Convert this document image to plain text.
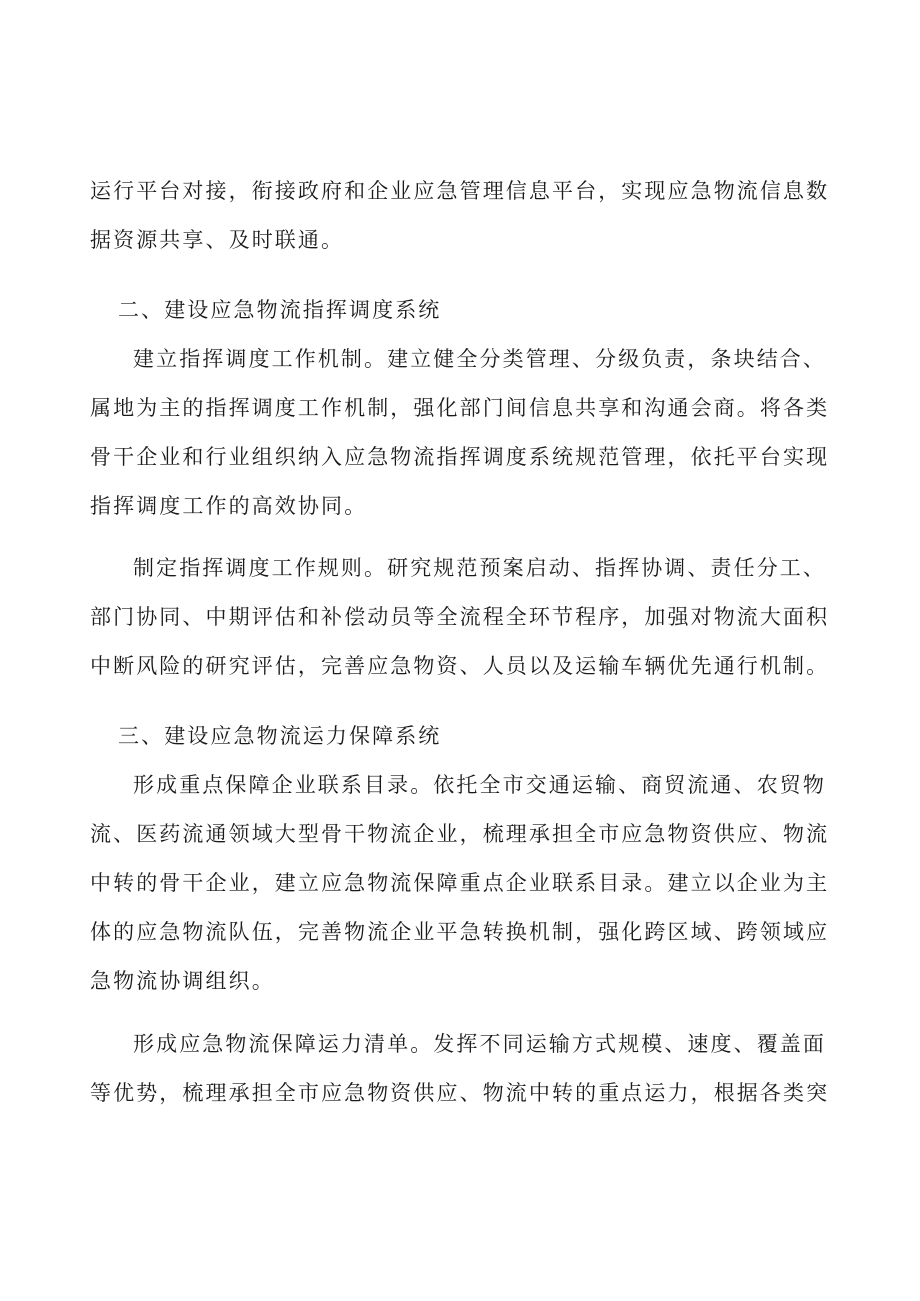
运行平台对接，衔接政府和企业应急管理信息平台，实现应急物流信息数
据资源共享、及时联通。
二、建设应急物流指挥调度系统
建立指挥调度工作机制。建立健全分类管理、分级负责，条块结合、
属地为主的指挥调度工作机制，强化部门间信息共享和沟通会商。将各类
骨干企业和行业组织纳入应急物流指挥调度系统规范管理，依托平台实现
指挥调度工作的高效协同。
制定指挥调度工作规则。研究规范预案启动、指挥协调、责任分工、
部门协同、中期评估和补偿动员等全流程全环节程序，加强对物流大面积
中断风险的研究评估，完善应急物资、人员以及运输车辆优先通行机制。
三、建设应急物流运力保障系统
形成重点保障企业联系目录。依托全市交通运输、商贸流通、农贸物
流、医药流通领域大型骨干物流企业，梳理承担全市应急物资供应、物流
中转的骨干企业，建立应急物流保障重点企业联系目录。建立以企业为主
体的应急物流队伍，完善物流企业平急转换机制，强化跨区域、跨领域应
急物流协调组织。
形成应急物流保障运力清单。发挥不同运输方式规模、速度、覆盖面
等优势，梳理承担全市应急物资供应、物流中转的重点运力，根据各类突
